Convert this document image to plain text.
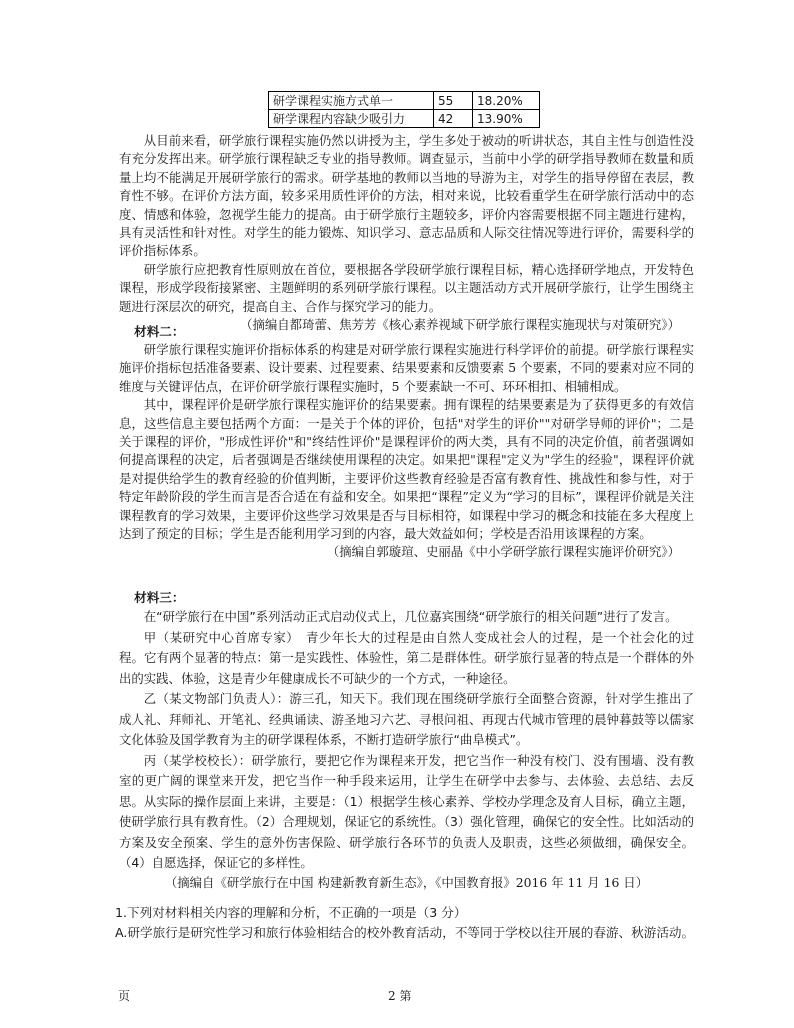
研学课程实施方式单一	55	18.20%
研学课程内容缺少吸引力	42	13.90%

从目前来看，研学旅行课程实施仍然以讲授为主，学生多处于被动的听讲状态，其自主性与创造性没有充分发挥出来。研学旅行课程缺乏专业的指导教师。调查显示，当前中小学的研学指导教师在数量和质量上均不能满足开展研学旅行的需求。研学基地的教师以当地的导游为主，对学生的指导停留在表层，教育性不够。在评价方法方面，较多采用质性评价的方法，相对来说，比较看重学生在研学旅行活动中的态度、情感和体验，忽视学生能力的提高。由于研学旅行主题较多，评价内容需要根据不同主题进行建构，具有灵活性和针对性。对学生的能力锻炼、知识学习、意志品质和人际交往情况等进行评价，需要科学的评价指标体系。

研学旅行应把教育性原则放在首位，要根据各学段研学旅行课程目标，精心选择研学地点，开发特色课程，形成学段衔接紧密、主题鲜明的系列研学旅行课程。以主题活动方式开展研学旅行，让学生围绕主题进行深层次的研究，提高自主、合作与探究学习的能力。

（摘编自都琦蕾、焦芳芳《核心素养视域下研学旅行课程实施现状与对策研究》）

材料二：

研学旅行课程实施评价指标体系的构建是对研学旅行课程实施进行科学评价的前提。研学旅行课程实施评价指标包括准备要素、设计要素、过程要素、结果要素和反馈要素 5 个要素，不同的要素对应不同的维度与关键评估点，在评价研学旅行课程实施时，5 个要素缺一不可、环环相扣、相辅相成。

其中，课程评价是研学旅行课程实施评价的结果要素。拥有课程的结果要素是为了获得更多的有效信息，这些信息主要包括两个方面：一是关于个体的评价，包括"对学生的评价""对研学导师的评价"；二是关于课程的评价，"形成性评价"和"终结性评价"是课程评价的两大类，具有不同的决定价值，前者强调如何提高课程的决定，后者强调是否继续使用课程的决定。如果把"课程"定义为"学生的经验"，课程评价就是对提供给学生的教育经验的价值判断，主要评价这些教育经验是否富有教育性、挑战性和参与性，对于特定年龄阶段的学生而言是否合适在有益和安全。如果把“课程”定义为“学习的目标”，课程评价就是关注课程教育的学习效果，主要评价这些学习效果是否与目标相符，如课程中学习的概念和技能在多大程度上达到了预定的目标；学生是否能利用学习到的内容，最大效益如何；学校是否沿用该课程的方案。

（摘编自郭璇瑄、史丽晶《中小学研学旅行课程实施评价研究》）

材料三：

在“研学旅行在中国”系列活动正式启动仪式上，几位嘉宾围绕“研学旅行的相关问题”进行了发言。

甲（某研究中心首席专家）　青少年长大的过程是由自然人变成社会人的过程，是一个社会化的过程。它有两个显著的特点：第一是实践性、体验性，第二是群体性。研学旅行显著的特点是一个群体的外出的实践、体验，这是青少年健康成长不可缺少的一个方式，一种途径。

乙（某文物部门负责人）：游三孔，知天下。我们现在围绕研学旅行全面整合资源，针对学生推出了成人礼、拜师礼、开笔礼、经典诵读、游圣地习六艺、寻根问祖、再现古代城市管理的晨钟暮鼓等以儒家文化体验及国学教育为主的研学课程体系，不断打造研学旅行“曲阜模式”。

丙（某学校校长）：研学旅行，要把它作为课程来开发，把它当作一种没有校门、没有围墙、没有教室的更广阔的课堂来开发，把它当作一种手段来运用，让学生在研学中去参与、去体验、去总结、去反思。从实际的操作层面上来讲，主要是：（1）根据学生核心素养、学校办学理念及育人目标，确立主题，使研学旅行具有教育性。（2）合理规划，保证它的系统性。（3）强化管理，确保它的安全性。比如活动的方案及安全预案、学生的意外伤害保险、研学旅行各环节的负责人及职责，这些必须做细，确保安全。（4）自愿选择，保证它的多样性。

（摘编自《研学旅行在中国 构建新教育新生态》，《中国教育报》2016 年 11 月 16 日）

1.下列对材料相关内容的理解和分析，不正确的一项是（3 分）

A.研学旅行是研究性学习和旅行体验相结合的校外教育活动，不等同于学校以往开展的春游、秋游活动。

页	2 第
